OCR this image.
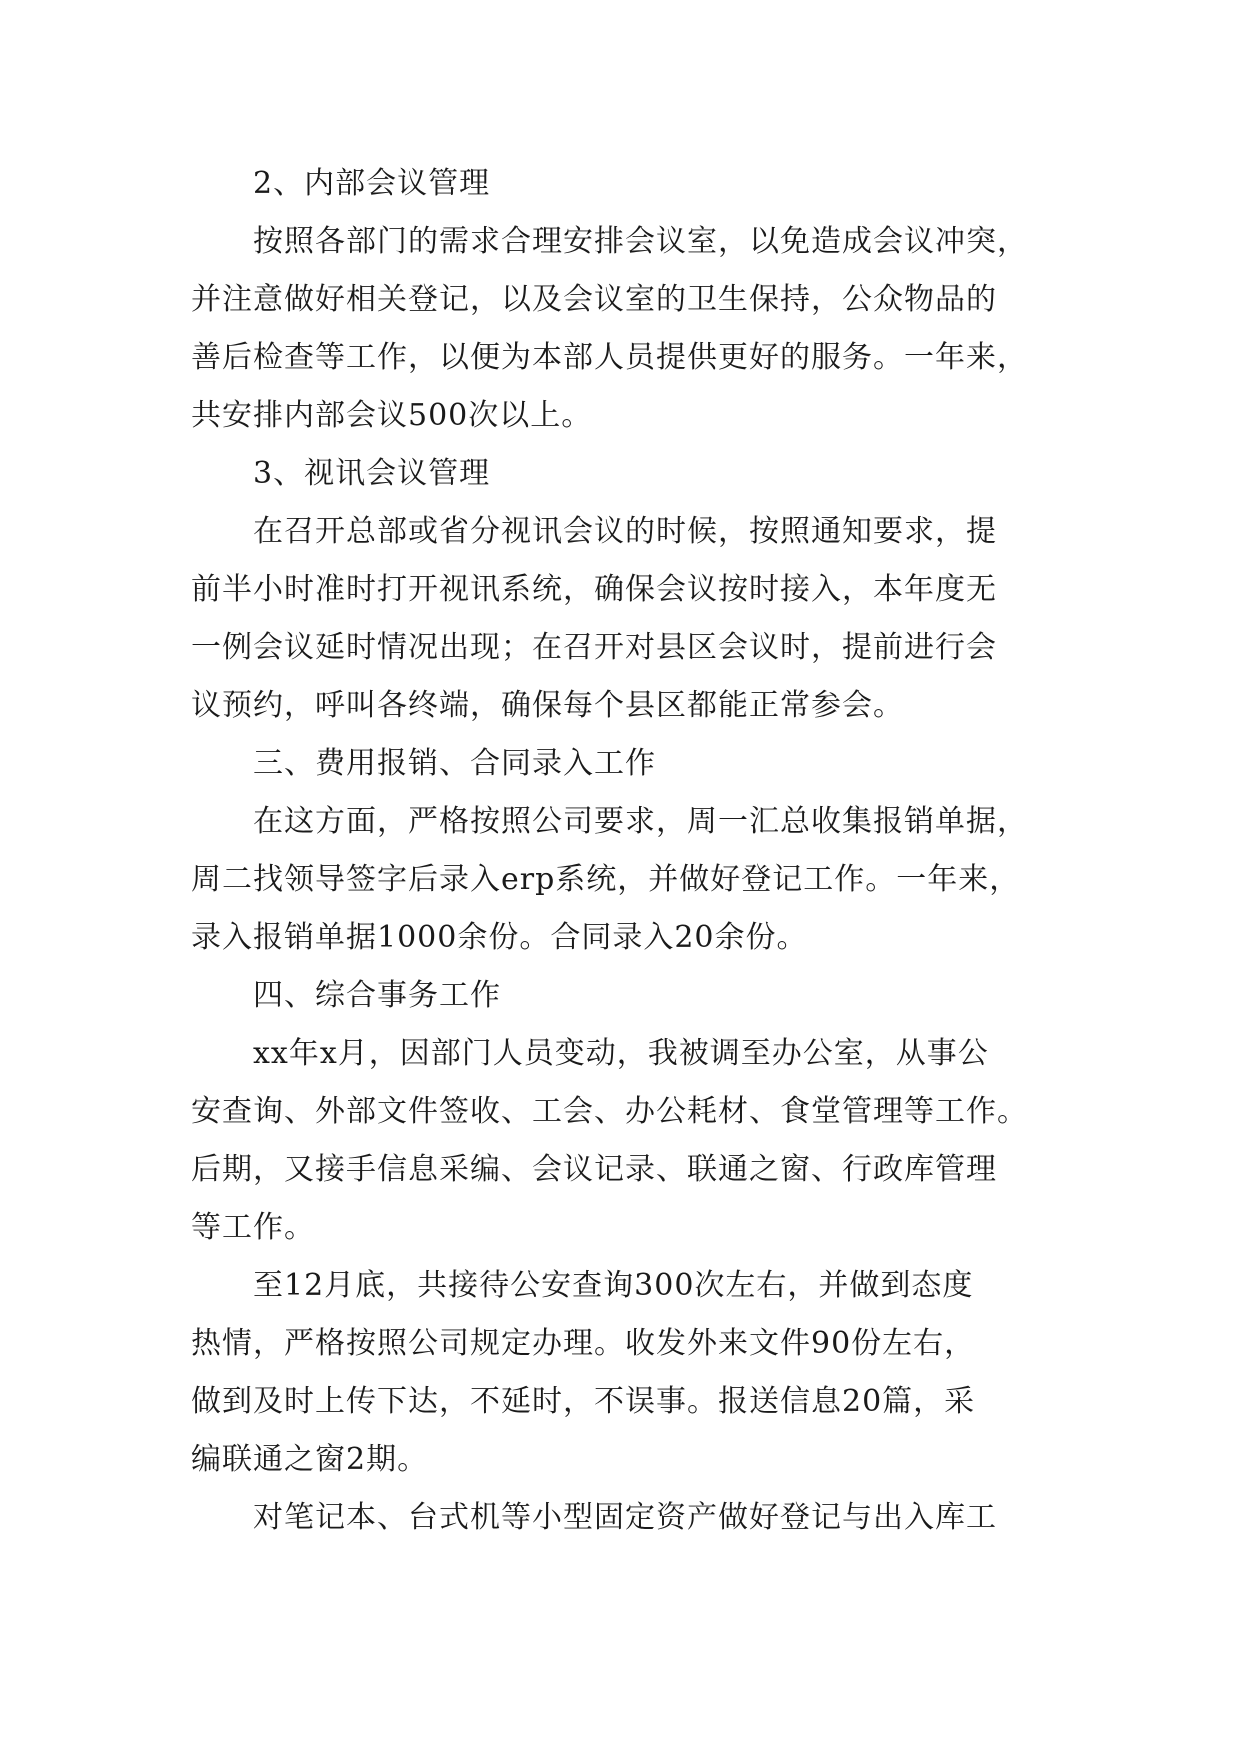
2、内部会议管理
按照各部门的需求合理安排会议室，以免造成会议冲突，
并注意做好相关登记，以及会议室的卫生保持，公众物品的
善后检查等工作，以便为本部人员提供更好的服务。一年来，
共安排内部会议500次以上。
3、视讯会议管理
在召开总部或省分视讯会议的时候，按照通知要求，提
前半小时准时打开视讯系统，确保会议按时接入，本年度无
一例会议延时情况出现；在召开对县区会议时，提前进行会
议预约，呼叫各终端，确保每个县区都能正常参会。
三、费用报销、合同录入工作
在这方面，严格按照公司要求，周一汇总收集报销单据，
周二找领导签字后录入erp系统，并做好登记工作。一年来，
录入报销单据1000余份。合同录入20余份。
四、综合事务工作
xx年x月，因部门人员变动，我被调至办公室，从事公
安查询、外部文件签收、工会、办公耗材、食堂管理等工作。
后期，又接手信息采编、会议记录、联通之窗、行政库管理
等工作。
至12月底，共接待公安查询300次左右，并做到态度
热情，严格按照公司规定办理。收发外来文件90份左右，
做到及时上传下达，不延时，不误事。报送信息20篇，采
编联通之窗2期。
对笔记本、台式机等小型固定资产做好登记与出入库工
